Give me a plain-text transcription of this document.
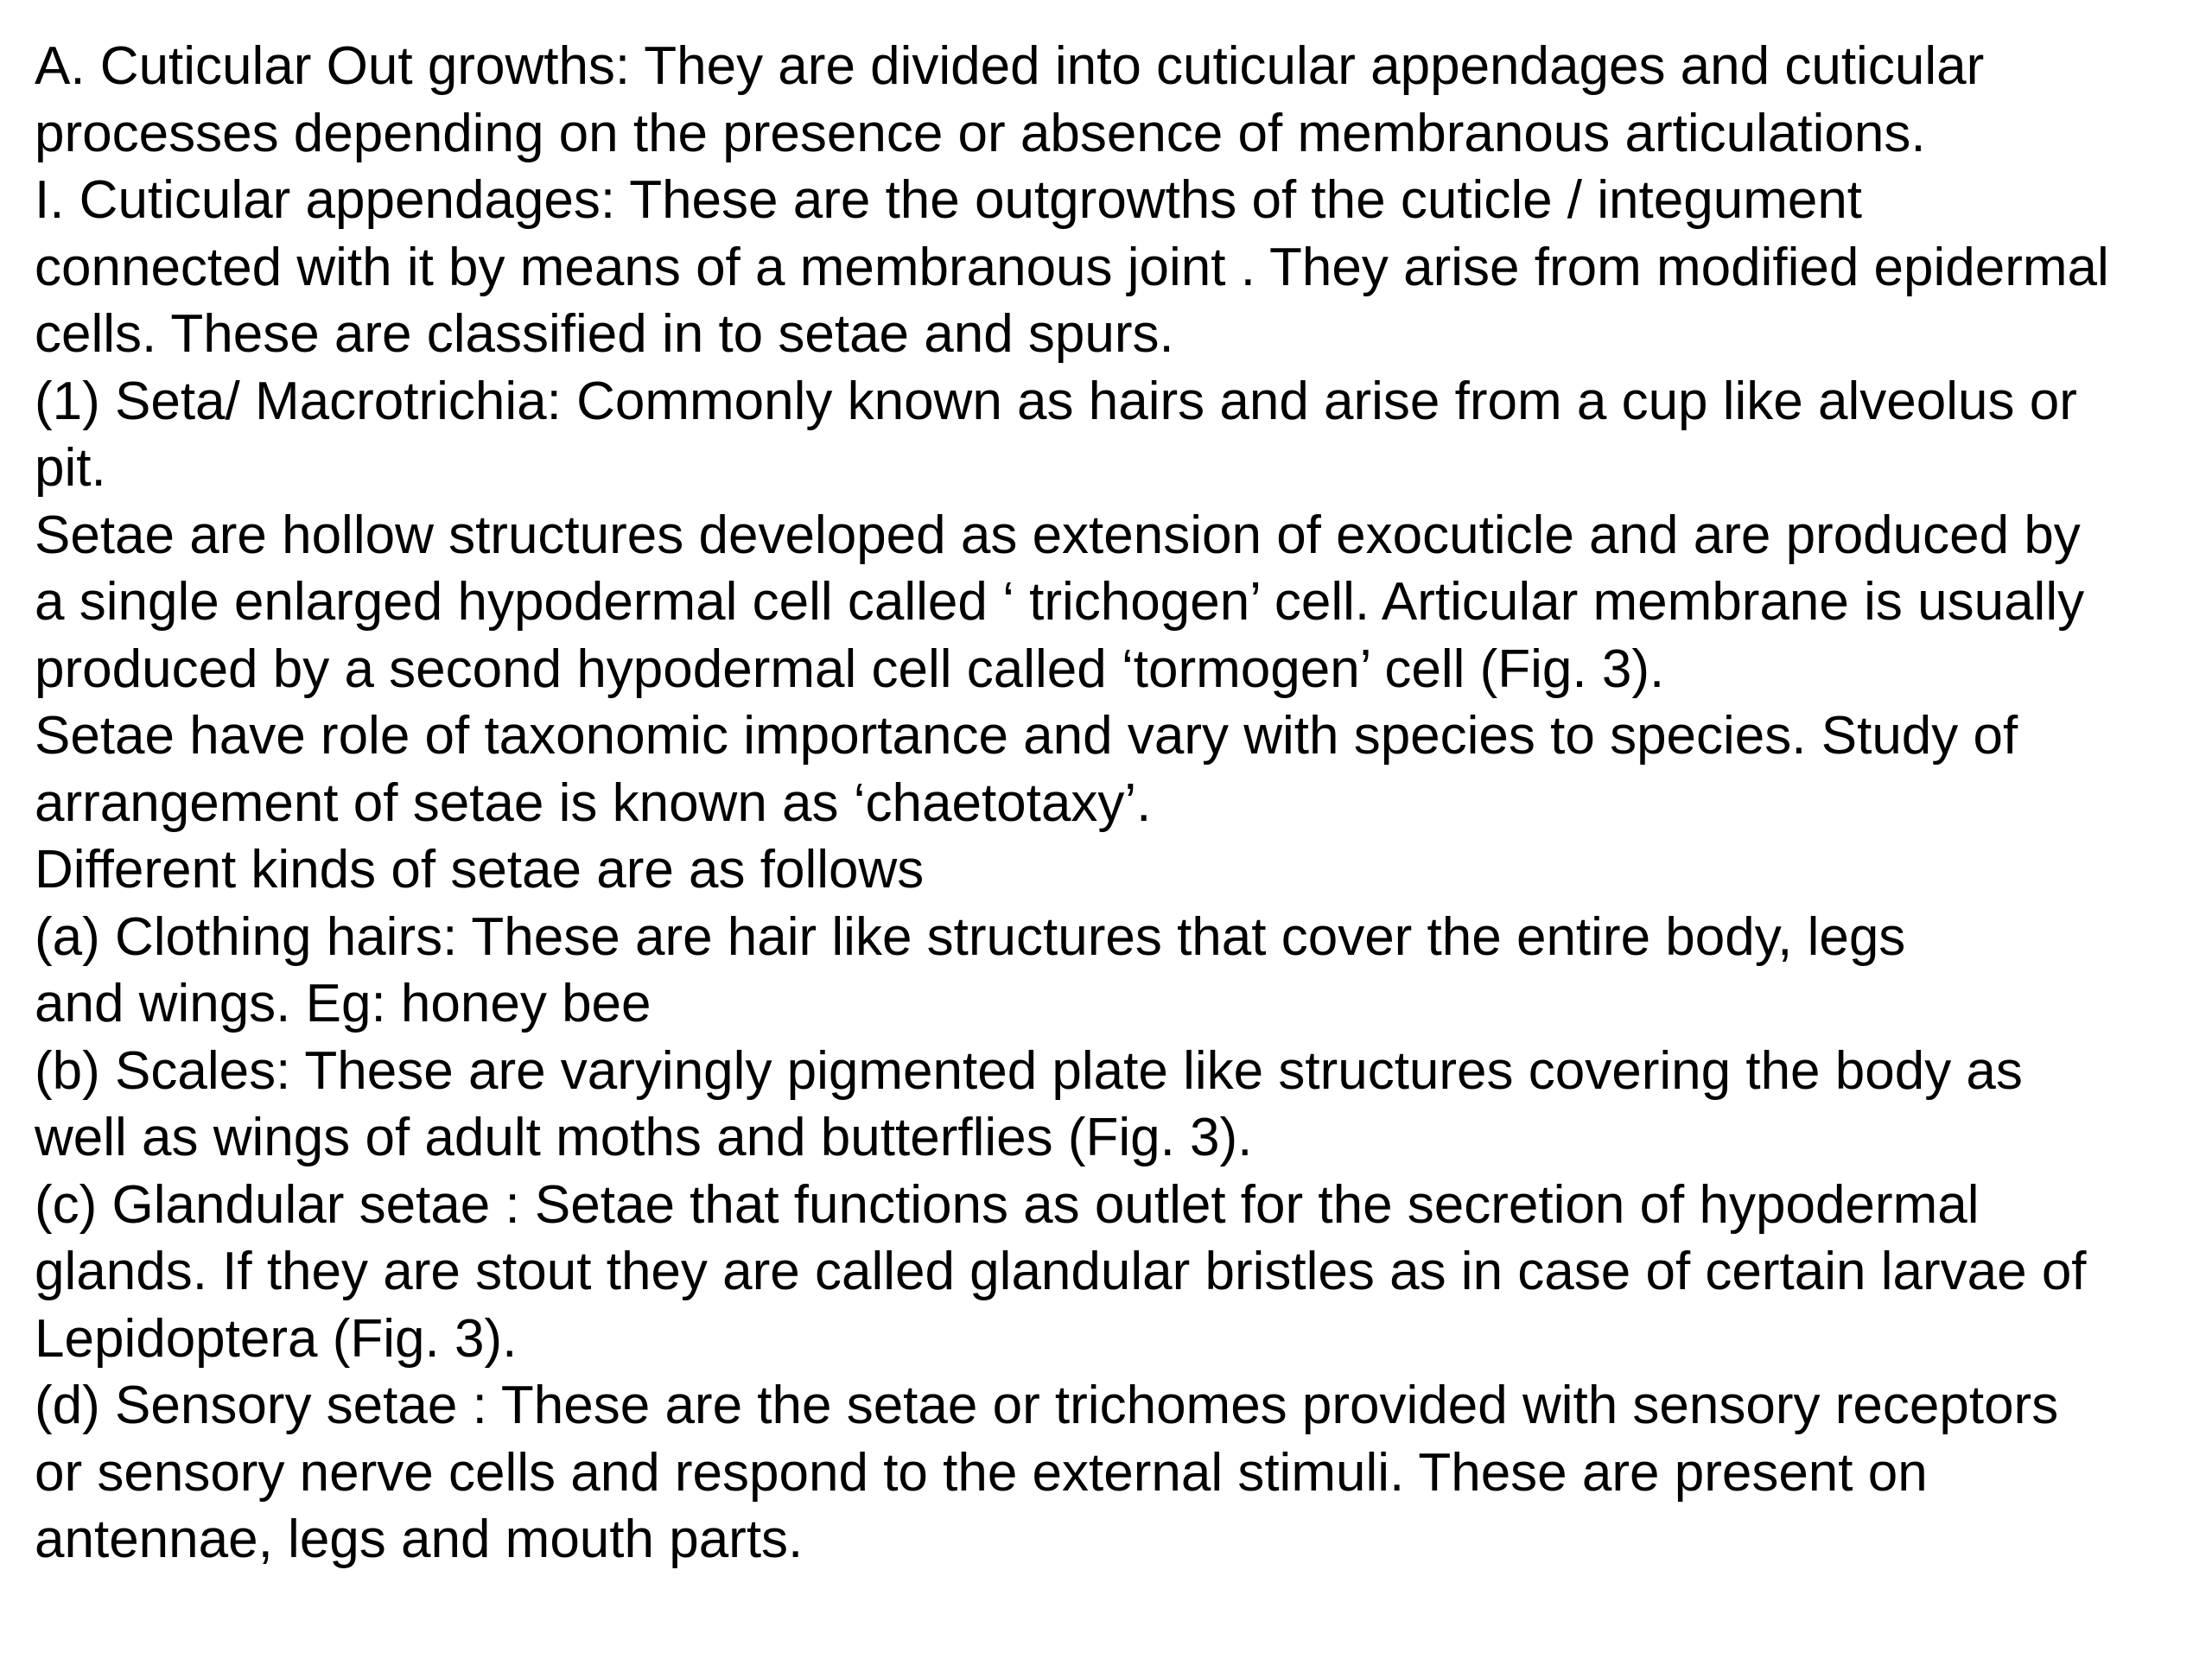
A. Cuticular Out growths: They are divided into cuticular appendages and cuticular
processes depending on the presence or absence of membranous articulations.
I. Cuticular appendages: These are the outgrowths of the cuticle / integument
connected with it by means of a membranous joint . They arise from modified epidermal
cells. These are classified in to setae and spurs.
(1) Seta/ Macrotrichia: Commonly known as hairs and arise from a cup like alveolus or
pit.
Setae are hollow structures developed as extension of exocuticle and are produced by
a single enlarged hypodermal cell called ‘ trichogen’ cell. Articular membrane is usually
produced by a second hypodermal cell called ‘tormogen’ cell (Fig. 3).
Setae have role of taxonomic importance and vary with species to species. Study of
arrangement of setae is known as ‘chaetotaxy’.
Different kinds of setae are as follows
(a) Clothing hairs: These are hair like structures that cover the entire body, legs
and wings. Eg: honey bee
(b) Scales: These are varyingly pigmented plate like structures covering the body as
well as wings of adult moths and butterflies (Fig. 3).
(c) Glandular setae : Setae that functions as outlet for the secretion of hypodermal
glands. If they are stout they are called glandular bristles as in case of certain larvae of
Lepidoptera (Fig. 3).
(d) Sensory setae : These are the setae or trichomes provided with sensory receptors
or sensory nerve cells and respond to the external stimuli. These are present on
antennae, legs and mouth parts.
